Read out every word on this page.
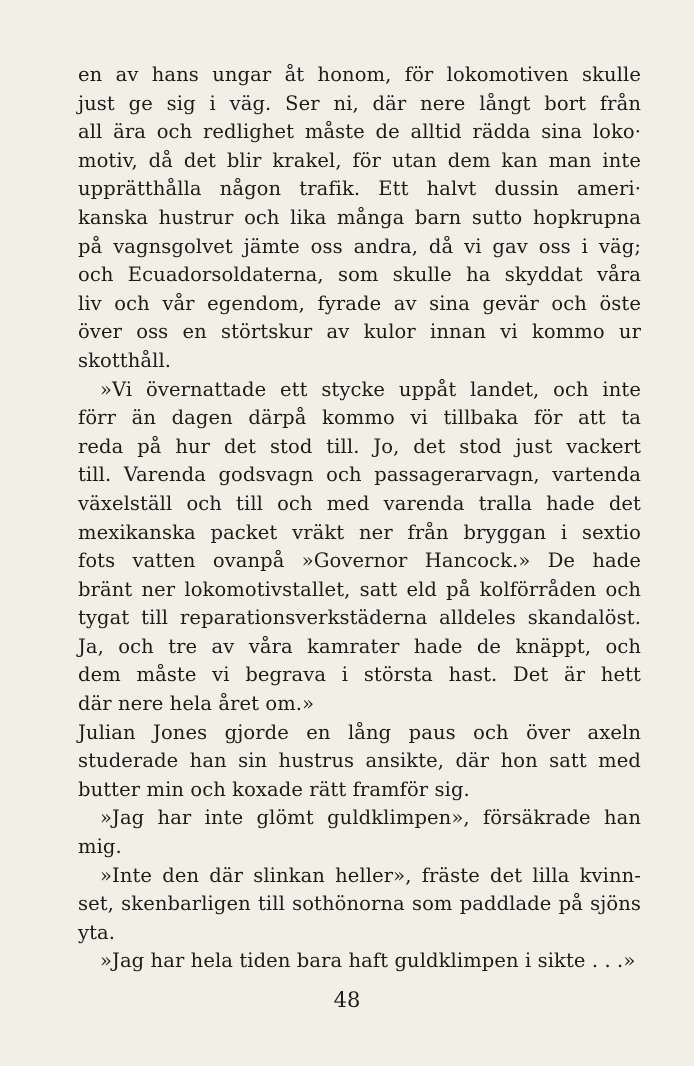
en av hans ungar åt honom, för lokomotiven skulle
just ge sig i väg. Ser ni, där nere långt bort från
all ära och redlighet måste de alltid rädda sina loko·
motiv, då det blir krakel, för utan dem kan man inte
upprätthålla någon trafik. Ett halvt dussin ameri·
kanska hustrur och lika många barn sutto hopkrupna
på vagnsgolvet jämte oss andra, då vi gav oss i väg;
och Ecuadorsoldaterna, som skulle ha skyddat våra
liv och vår egendom, fyrade av sina gevär och öste
över oss en störtskur av kulor innan vi kommo ur
skotthåll.
»Vi övernattade ett stycke uppåt landet, och inte
förr än dagen därpå kommo vi tillbaka för att ta
reda på hur det stod till. Jo, det stod just vackert
till. Varenda godsvagn och passagerarvagn, vartenda
växelställ och till och med varenda tralla hade det
mexikanska packet vräkt ner från bryggan i sextio
fots vatten ovanpå »Governor Hancock.» De hade
bränt ner lokomotivstallet, satt eld på kolförråden och
tygat till reparationsverkstäderna alldeles skandalöst.
Ja, och tre av våra kamrater hade de knäppt, och
dem måste vi begrava i största hast. Det är hett
där nere hela året om.»
Julian Jones gjorde en lång paus och över axeln
studerade han sin hustrus ansikte, där hon satt med
butter min och koxade rätt framför sig.
»Jag har inte glömt guldklimpen», försäkrade han
mig.
»Inte den där slinkan heller», fräste det lilla kvinn-
set, skenbarligen till sothönorna som paddlade på sjöns
yta.
»Jag har hela tiden bara haft guldklimpen i sikte . . .»
48
